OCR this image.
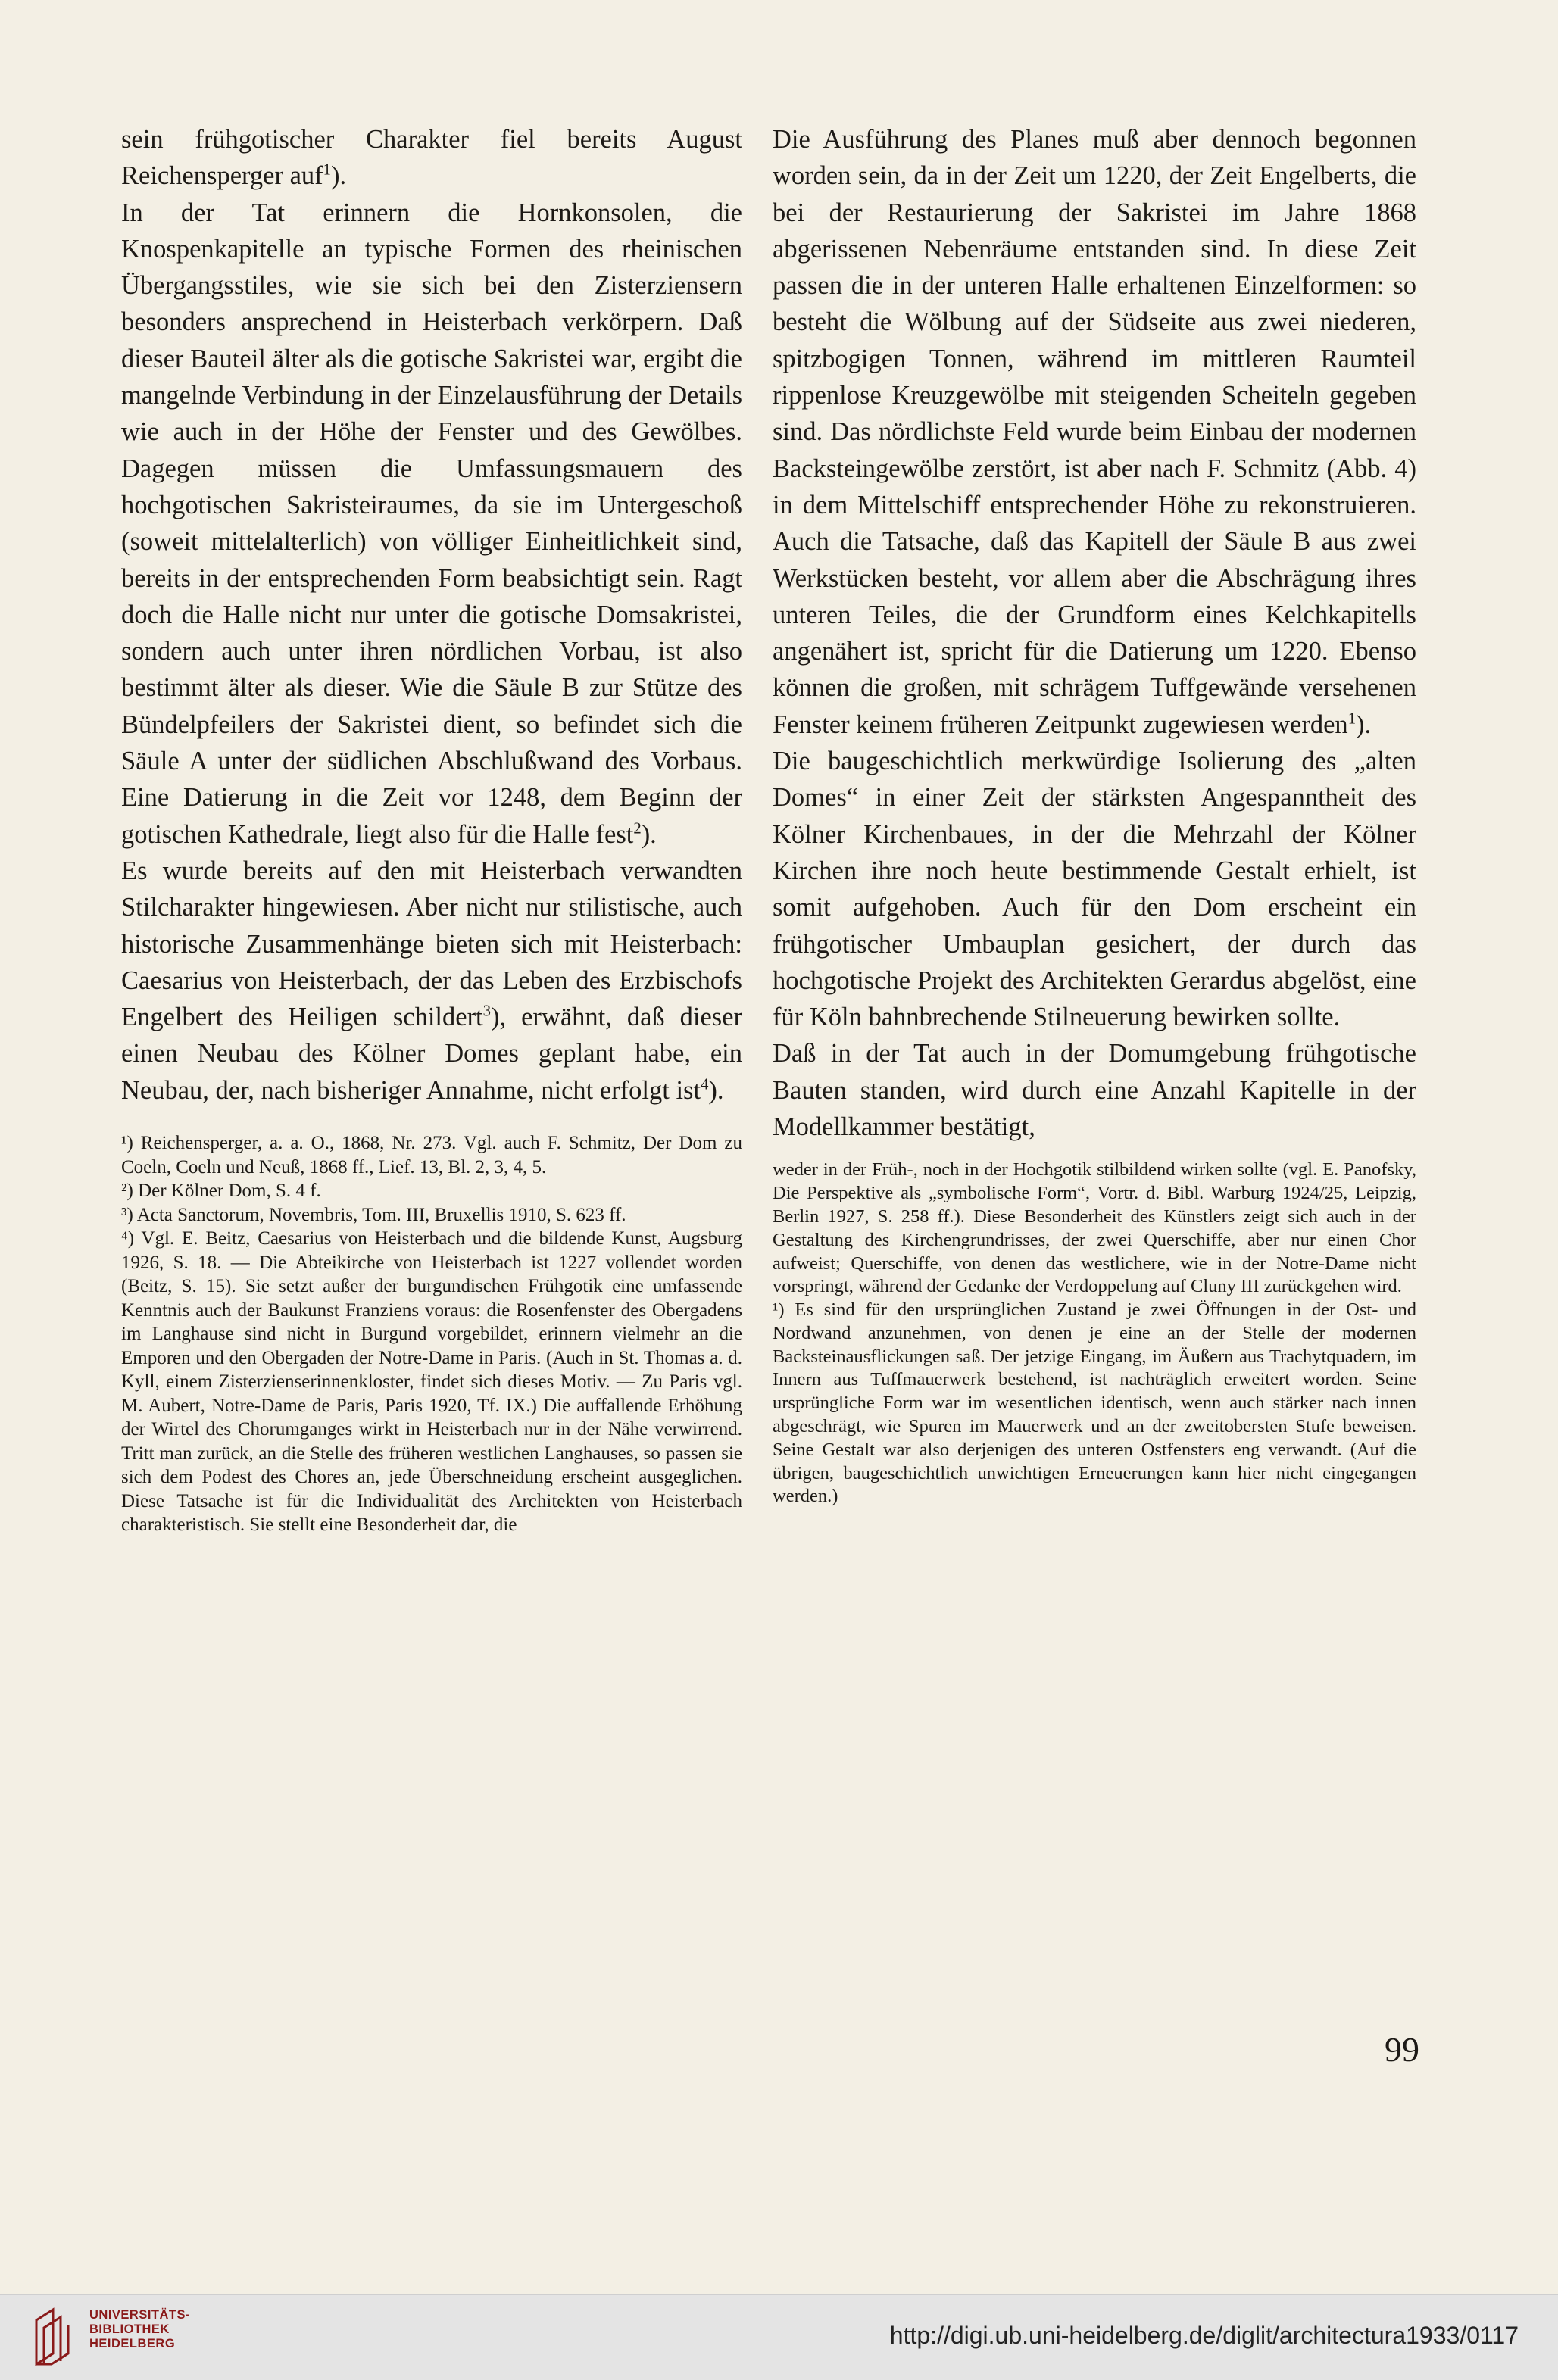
sein frühgotischer Charakter fiel bereits August Reichensperger auf$^1$).

In der Tat erinnern die Hornkonsolen, die Knospenkapitelle an typische Formen des rheinischen Übergangsstiles, wie sie sich bei den Zisterziensern besonders ansprechend in Heisterbach verkörpern. Daß dieser Bauteil älter als die gotische Sakristei war, ergibt die mangelnde Verbindung in der Einzelausführung der Details wie auch in der Höhe der Fenster und des Gewölbes. Dagegen müssen die Umfassungsmauern des hochgotischen Sakristeiraumes, da sie im Untergeschoß (soweit mittelalterlich) von völliger Einheitlichkeit sind, bereits in der entsprechenden Form beabsichtigt sein. Ragt doch die Halle nicht nur unter die gotische Domsakristei, sondern auch unter ihren nördlichen Vorbau, ist also bestimmt älter als dieser. Wie die Säule B zur Stütze des Bündelpfeilers der Sakristei dient, so befindet sich die Säule A unter der südlichen Abschlußwand des Vorbaus. Eine Datierung in die Zeit vor 1248, dem Beginn der gotischen Kathedrale, liegt also für die Halle fest$^2$).

Es wurde bereits auf den mit Heisterbach verwandten Stilcharakter hingewiesen. Aber nicht nur stilistische, auch historische Zusammenhänge bieten sich mit Heisterbach: Caesarius von Heisterbach, der das Leben des Erzbischofs Engelbert des Heiligen schildert$^3$), erwähnt, daß dieser einen Neubau des Kölner Domes geplant habe, ein Neubau, der, nach bisheriger Annahme, nicht erfolgt ist$^4$).

¹) Reichensperger, a. a. O., 1868, Nr. 273. Vgl. auch F. Schmitz, Der Dom zu Coeln, Coeln und Neuß, 1868 ff., Lief. 13, Bl. 2, 3, 4, 5.

²) Der Kölner Dom, S. 4 f.

³) Acta Sanctorum, Novembris, Tom. III, Bruxellis 1910, S. 623 ff.

⁴) Vgl. E. Beitz, Caesarius von Heisterbach und die bildende Kunst, Augsburg 1926, S. 18. — Die Abteikirche von Heisterbach ist 1227 vollendet worden (Beitz, S. 15). Sie setzt außer der burgundischen Frühgotik eine umfassende Kenntnis auch der Baukunst Franziens voraus: die Rosenfenster des Obergadens im Langhause sind nicht in Burgund vorgebildet, erinnern vielmehr an die Emporen und den Obergaden der Notre-Dame in Paris. (Auch in St. Thomas a. d. Kyll, einem Zisterzienserinnenkloster, findet sich dieses Motiv. — Zu Paris vgl. M. Aubert, Notre-Dame de Paris, Paris 1920, Tf. IX.) Die auffallende Erhöhung der Wirtel des Chorumganges wirkt in Heisterbach nur in der Nähe verwirrend. Tritt man zurück, an die Stelle des früheren westlichen Langhauses, so passen sie sich dem Podest des Chores an, jede Überschneidung erscheint ausgeglichen. Diese Tatsache ist für die Individualität des Architekten von Heisterbach charakteristisch. Sie stellt eine Besonderheit dar, die

Die Ausführung des Planes muß aber dennoch begonnen worden sein, da in der Zeit um 1220, der Zeit Engelberts, die bei der Restaurierung der Sakristei im Jahre 1868 abgerissenen Nebenräume entstanden sind. In diese Zeit passen die in der unteren Halle erhaltenen Einzelformen: so besteht die Wölbung auf der Südseite aus zwei niederen, spitzbogigen Tonnen, während im mittleren Raumteil rippenlose Kreuzgewölbe mit steigenden Scheiteln gegeben sind. Das nördlichste Feld wurde beim Einbau der modernen Backsteingewölbe zerstört, ist aber nach F. Schmitz (Abb. 4) in dem Mittelschiff entsprechender Höhe zu rekonstruieren. Auch die Tatsache, daß das Kapitell der Säule B aus zwei Werkstücken besteht, vor allem aber die Abschrägung ihres unteren Teiles, die der Grundform eines Kelchkapitells angenähert ist, spricht für die Datierung um 1220. Ebenso können die großen, mit schrägem Tuffgewände versehenen Fenster keinem früheren Zeitpunkt zugewiesen werden$^1$).

Die baugeschichtlich merkwürdige Isolierung des „alten Domes“ in einer Zeit der stärksten Angespanntheit des Kölner Kirchenbaues, in der die Mehrzahl der Kölner Kirchen ihre noch heute bestimmende Gestalt erhielt, ist somit aufgehoben. Auch für den Dom erscheint ein frühgotischer Umbauplan gesichert, der durch das hochgotische Projekt des Architekten Gerardus abgelöst, eine für Köln bahnbrechende Stilneuerung bewirken sollte.

Daß in der Tat auch in der Domumgebung frühgotische Bauten standen, wird durch eine Anzahl Kapitelle in der Modellkammer bestätigt,

weder in der Früh-, noch in der Hochgotik stilbildend wirken sollte (vgl. E. Panofsky, Die Perspektive als „symbolische Form“, Vortr. d. Bibl. Warburg 1924/25, Leipzig, Berlin 1927, S. 258 ff.). Diese Besonderheit des Künstlers zeigt sich auch in der Gestaltung des Kirchengrundrisses, der zwei Querschiffe, aber nur einen Chor aufweist; Querschiffe, von denen das westlichere, wie in der Notre-Dame nicht vorspringt, während der Gedanke der Verdoppelung auf Cluny III zurückgehen wird.

¹) Es sind für den ursprünglichen Zustand je zwei Öffnungen in der Ost- und Nordwand anzunehmen, von denen je eine an der Stelle der modernen Backsteinausflickungen saß. Der jetzige Eingang, im Äußern aus Trachytquadern, im Innern aus Tuffmauerwerk bestehend, ist nachträglich erweitert worden. Seine ursprüngliche Form war im wesentlichen identisch, wenn auch stärker nach innen abgeschrägt, wie Spuren im Mauerwerk und an der zweitobersten Stufe beweisen. Seine Gestalt war also derjenigen des unteren Ostfensters eng verwandt. (Auf die übrigen, baugeschichtlich unwichtigen Erneuerungen kann hier nicht eingegangen werden.)

99
UNIVERSITÄTS-
BIBLIOTHEK
HEIDELBERG	http://digi.ub.uni-heidelberg.de/diglit/architectura1933/0117
